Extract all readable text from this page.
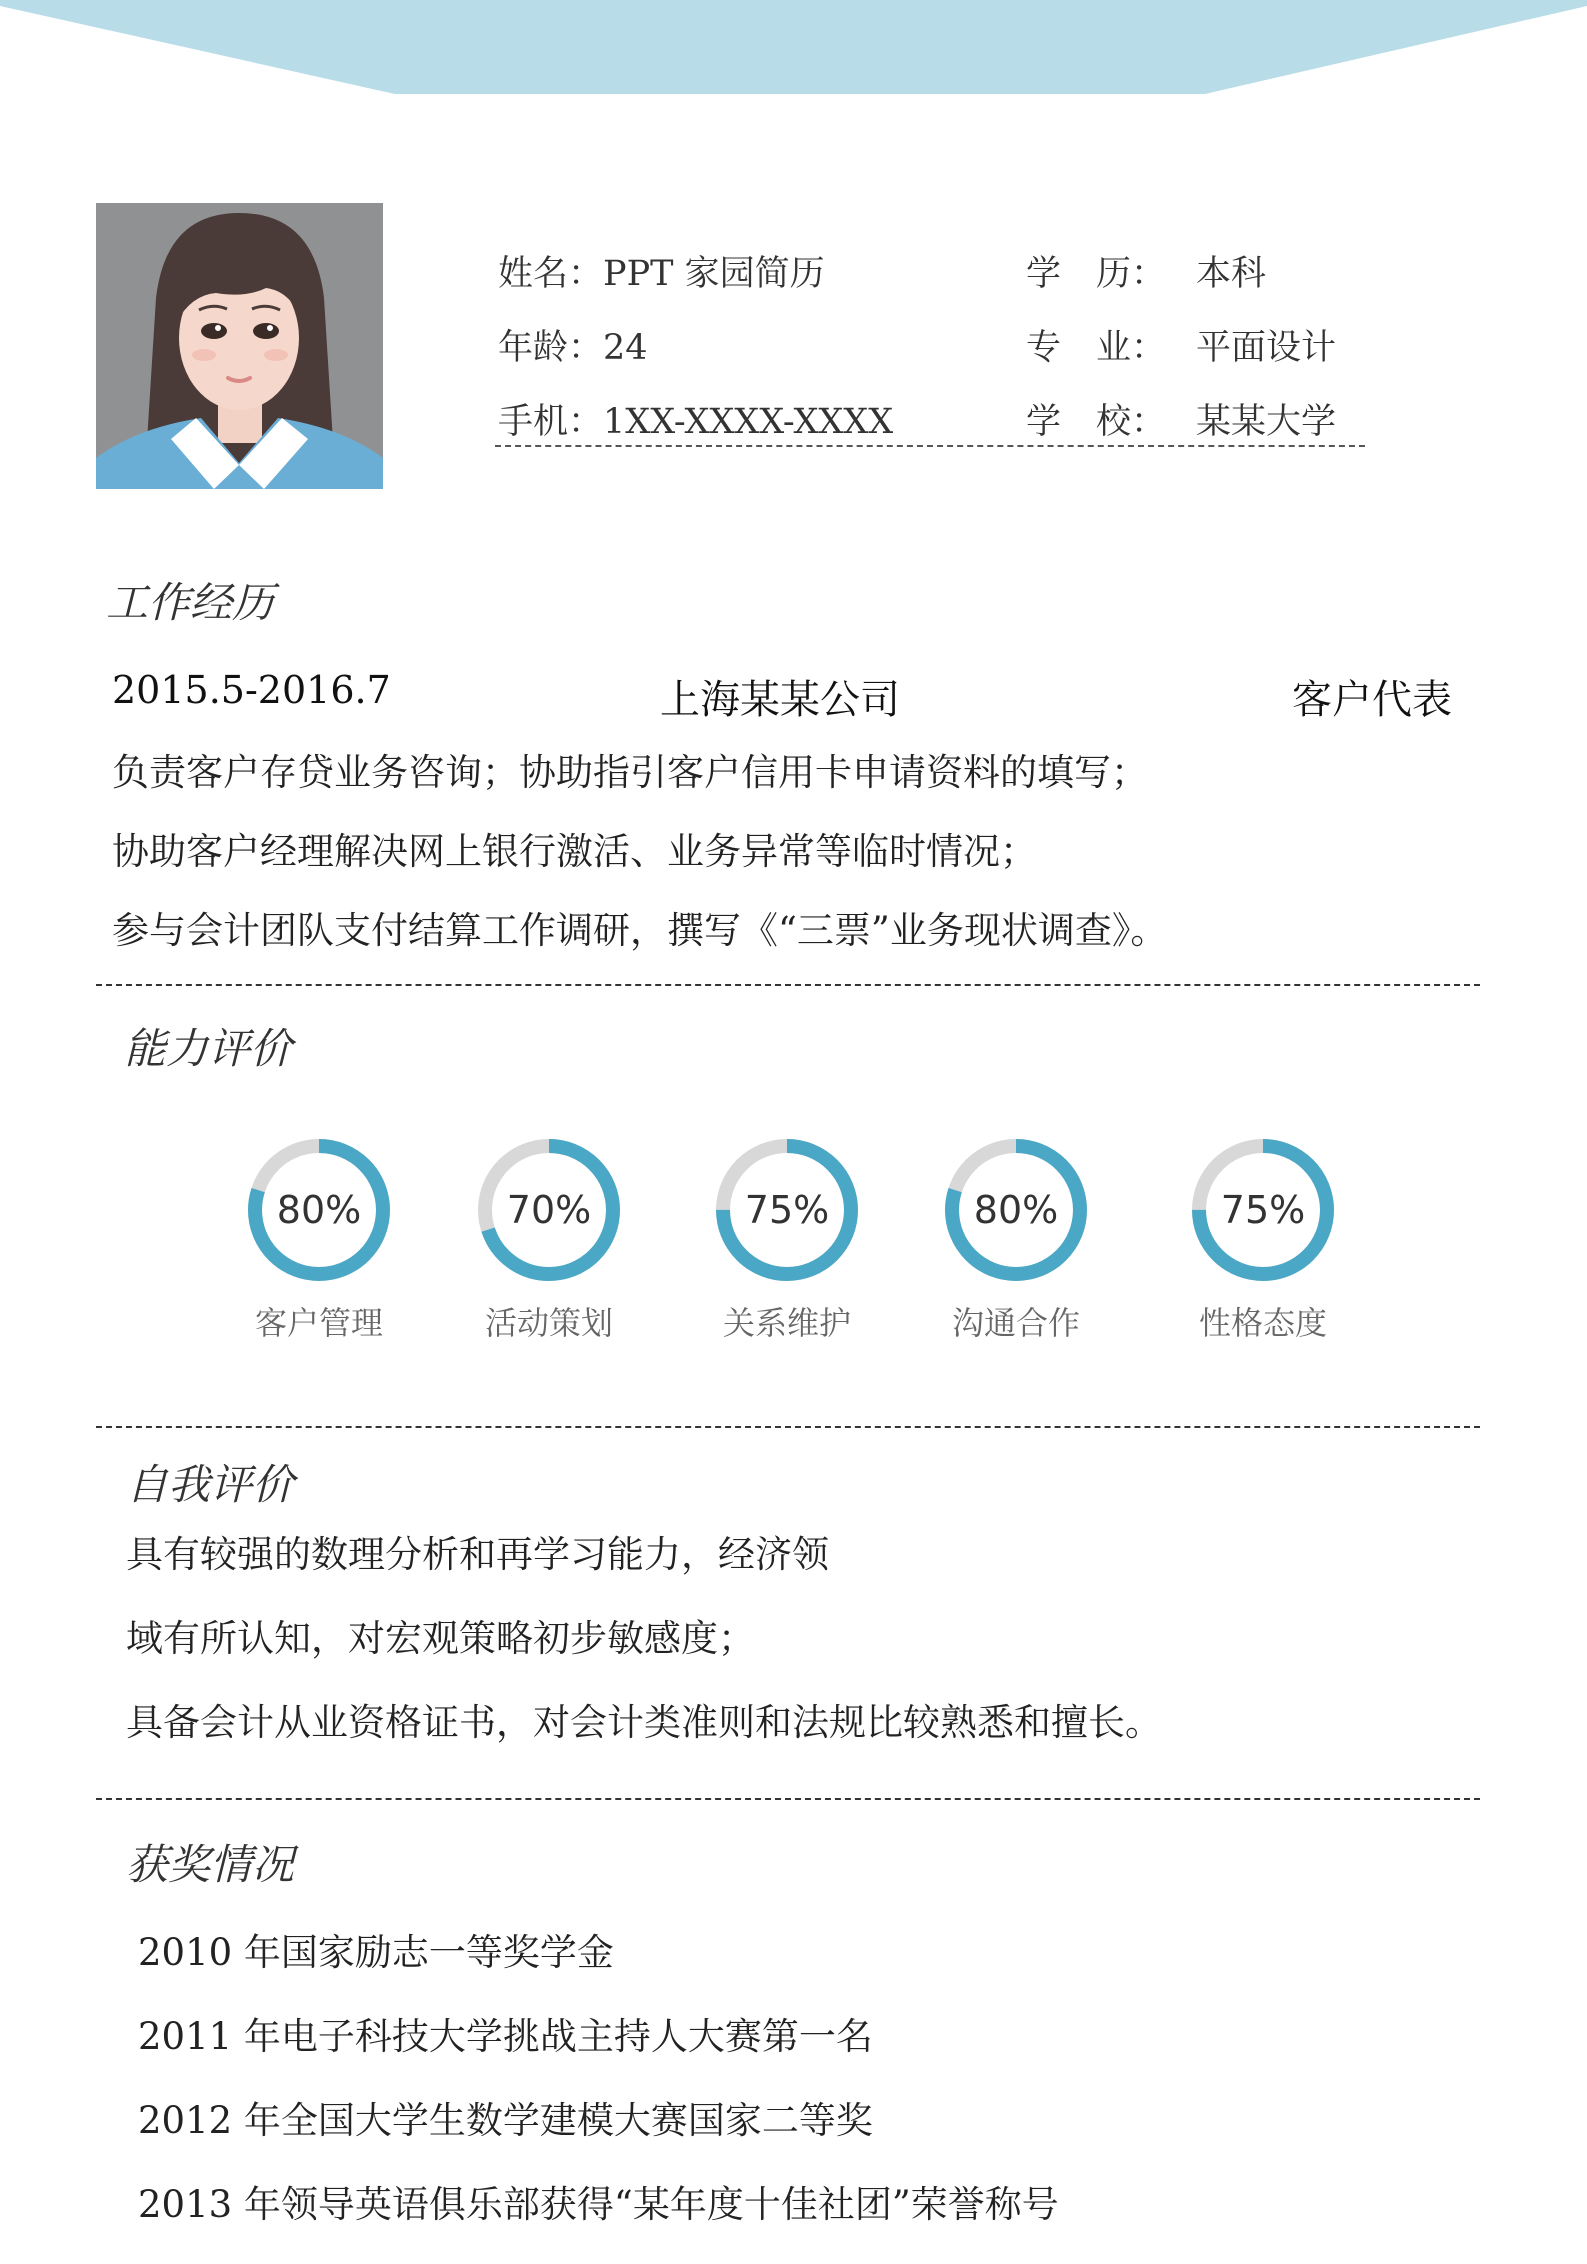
姓名：PPT 家园简历
年龄：24
手机：1XX-XXXX-XXXX
学　历： 本科
专　业： 平面设计
学　校： 某某大学
工作经历
2015.5-2016.7	上海某某公司	客户代表
负责客户存贷业务咨询；协助指引客户信用卡申请资料的填写；
协助客户经理解决网上银行激活、业务异常等临时情况；
参与会计团队支付结算工作调研，撰写《“三票”业务现状调查》。
能力评价
80%
客户管理
70%
活动策划
75%
关系维护
80%
沟通合作
75%
性格态度
自我评价
具有较强的数理分析和再学习能力，经济领
域有所认知，对宏观策略初步敏感度；
具备会计从业资格证书，对会计类准则和法规比较熟悉和擅长。
获奖情况
2010 年国家励志一等奖学金
2011 年电子科技大学挑战主持人大赛第一名
2012 年全国大学生数学建模大赛国家二等奖
2013 年领导英语俱乐部获得“某年度十佳社团”荣誉称号
